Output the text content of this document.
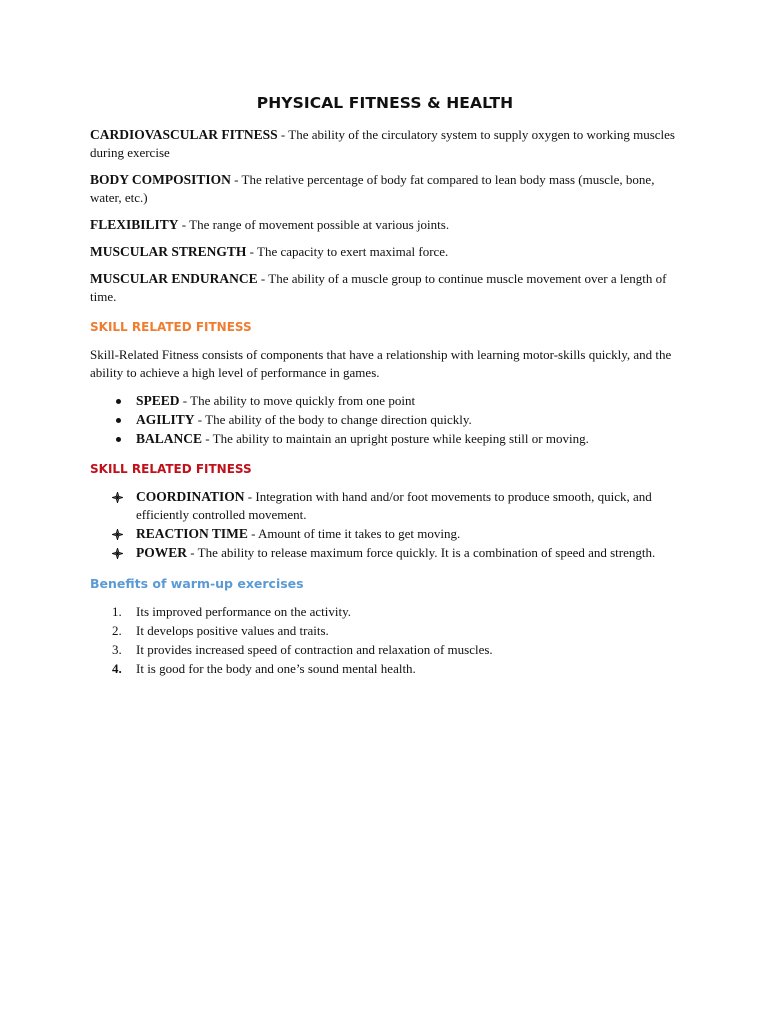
PHYSICAL FITNESS & HEALTH

CARDIOVASCULAR FITNESS - The ability of the circulatory system to supply oxygen to working muscles during exercise

BODY COMPOSITION - The relative percentage of body fat compared to lean body mass (muscle, bone, water, etc.)

FLEXIBILITY - The range of movement possible at various joints.

MUSCULAR STRENGTH - The capacity to exert maximal force.

MUSCULAR ENDURANCE - The ability of a muscle group to continue muscle movement over a length of time.

SKILL RELATED FITNESS

Skill-Related Fitness consists of components that have a relationship with learning motor-skills quickly, and the ability to achieve a high level of performance in games.

SPEED - The ability to move quickly from one point
AGILITY - The ability of the body to change direction quickly.
BALANCE - The ability to maintain an upright posture while keeping still or moving.
SKILL RELATED FITNESS
COORDINATION - Integration with hand and/or foot movements to produce smooth, quick, and efficiently controlled movement.
REACTION TIME - Amount of time it takes to get moving.
POWER - The ability to release maximum force quickly. It is a combination of speed and strength.
Benefits of warm-up exercises
1. Its improved performance on the activity.
2. It develops positive values and traits.
3. It provides increased speed of contraction and relaxation of muscles.
4. It is good for the body and one’s sound mental health.
